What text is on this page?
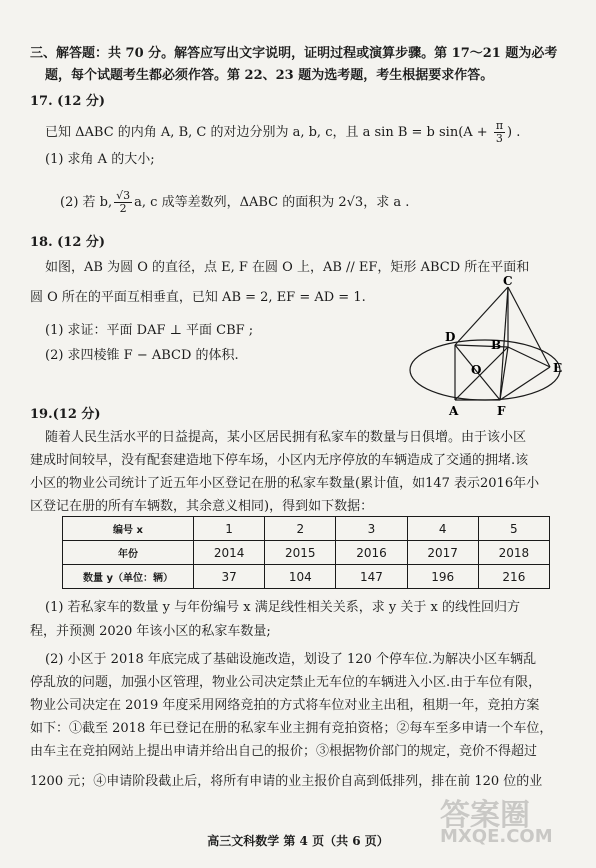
三、解答题：共 70 分。解答应写出文字说明，证明过程或演算步骤。第 17～21 题为必考
题，每个试题考生都必须作答。第 22、23 题为选考题，考生根据要求作答。
17. (12 分)
已知 ΔABC 的内角 A, B, C 的对边分别为 a, b, c，且 a sin B = b $\sin(A + \frac{\pi}{3}$ ) .
(1) 求角 A 的大小;
(2) 若 b, $\frac{√3}{2} a$, c 成等差数列，ΔABC 的面积为 2√3，求 a .
18. (12 分)
如图，AB 为圆 O 的直径，点 E, F 在圆 O 上，AB // EF，矩形 ABCD 所在平面和
圆 O 所在的平面互相垂直，已知 AB = 2, EF = AD = 1.
(1) 求证：平面 DAF ⊥ 平面 CBF ;
(2) 求四棱锥 F − ABCD 的体积.
C
D
B
O	E
A	F
19.(12 分)
随着人民生活水平的日益提高，某小区居民拥有私家车的数量与日俱增。由于该小区
建成时间较早，没有配套建造地下停车场，小区内无序停放的车辆造成了交通的拥堵.该
小区的物业公司统计了近五年小区登记在册的私家车数量(累计值，如147 表示2016年小
区登记在册的所有车辆数，其余意义相同)，得到如下数据：
编号 x	1	2	3	4	5
年份	2014	2015	2016	2017	2018
数量 y（单位：辆）	37	104	147	196	216
(1) 若私家车的数量 y 与年份编号 x 满足线性相关关系，求 y 关于 x 的线性回归方
程，并预测 2020 年该小区的私家车数量;
(2) 小区于 2018 年底完成了基础设施改造，划设了 120 个停车位.为解决小区车辆乱
停乱放的问题，加强小区管理，物业公司决定禁止无车位的车辆进入小区.由于车位有限，
物业公司决定在 2019 年度采用网络竞拍的方式将车位对业主出租，租期一年，竞拍方案
如下：①截至 2018 年已登记在册的私家车业主拥有竞拍资格；②每车至多申请一个车位，
由车主在竞拍网站上提出申请并给出自己的报价；③根据物价部门的规定，竞价不得超过
1200 元；④申请阶段截止后，将所有申请的业主报价自高到低排列，排在前 120 位的业
答案圈
MXQE.COM
高三文科数学 第 4 页（共 6 页）
